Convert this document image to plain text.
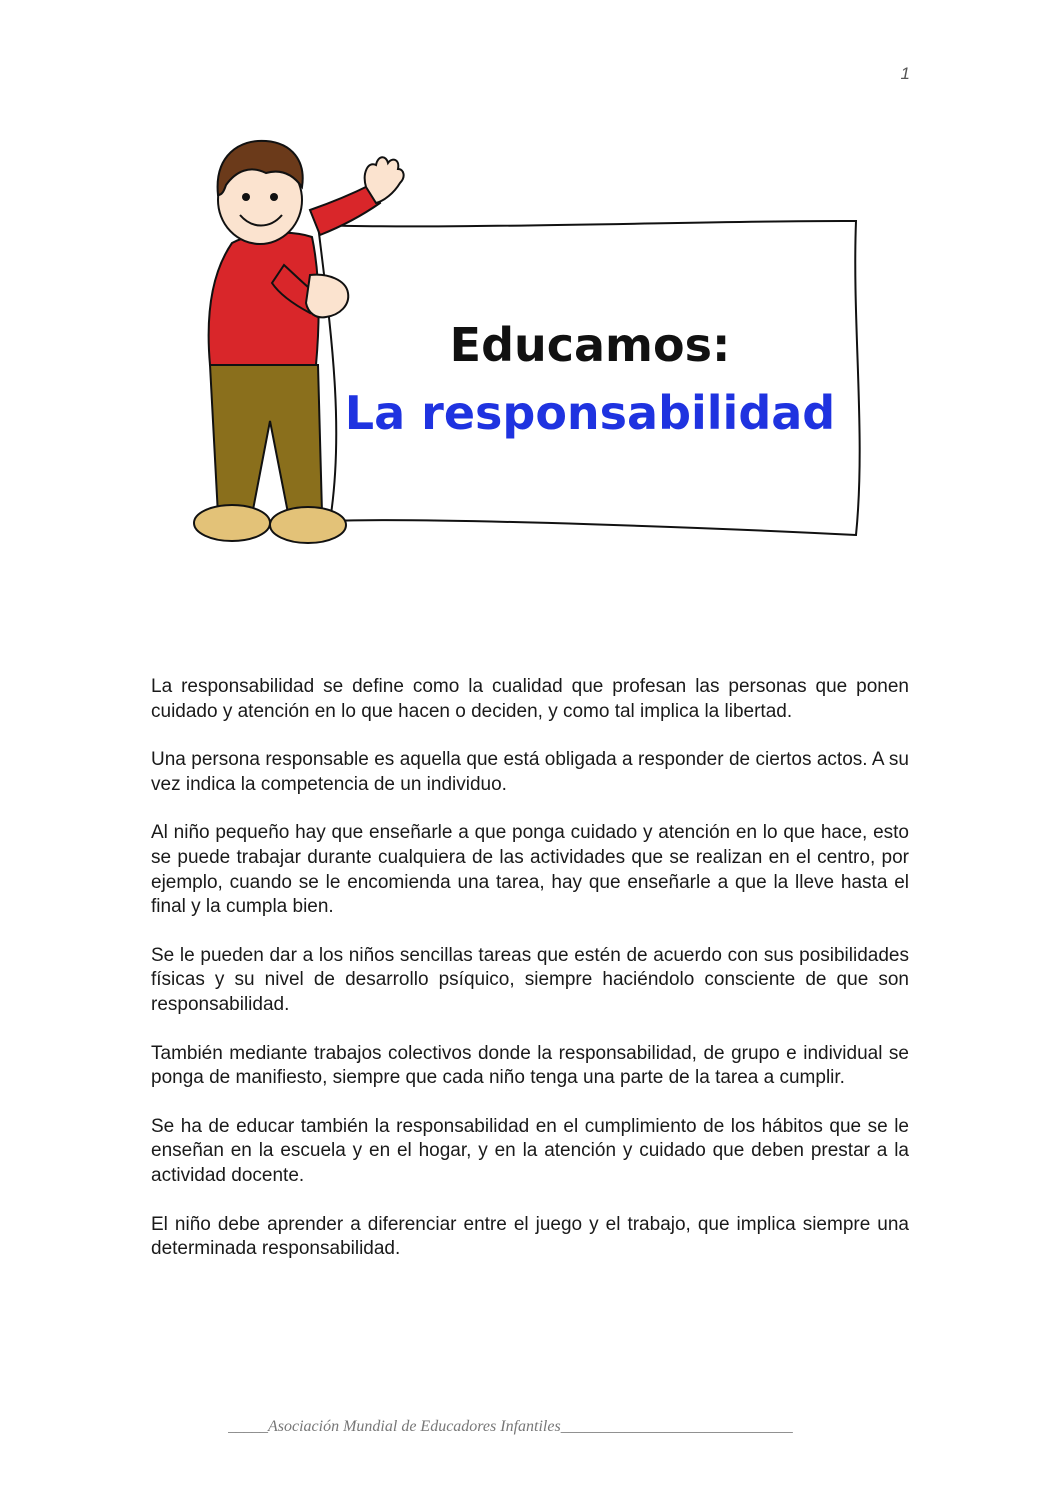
1
Educamos:
La responsabilidad

La responsabilidad se define como la cualidad que profesan las personas que ponen cuidado y atención en lo que hacen o deciden, y como tal implica la libertad.

Una persona responsable es aquella que está obligada a responder de ciertos actos. A su vez indica la competencia de un individuo.

Al niño pequeño hay que enseñarle a que ponga cuidado y atención en lo que hace, esto se puede trabajar durante cualquiera de las actividades que se realizan en el centro, por ejemplo, cuando se le encomienda una tarea, hay que enseñarle a que la lleve hasta el final y la cumpla bien.

Se le pueden dar a los niños sencillas tareas que estén de acuerdo con sus posibilidades físicas y su nivel de desarrollo psíquico, siempre haciéndolo consciente de que son responsabilidad.

También mediante trabajos colectivos donde la responsabilidad, de grupo e individual se ponga de manifiesto, siempre que cada niño tenga una parte de la tarea a cumplir.

Se ha de educar también la responsabilidad en el cumplimiento de los hábitos que se le enseñan en la escuela y en el hogar, y en la atención y cuidado que deben prestar a la actividad docente.

El niño debe aprender a diferenciar entre el juego y el trabajo, que implica siempre una determinada responsabilidad.

_____Asociación Mundial de Educadores Infantiles_____________________________
